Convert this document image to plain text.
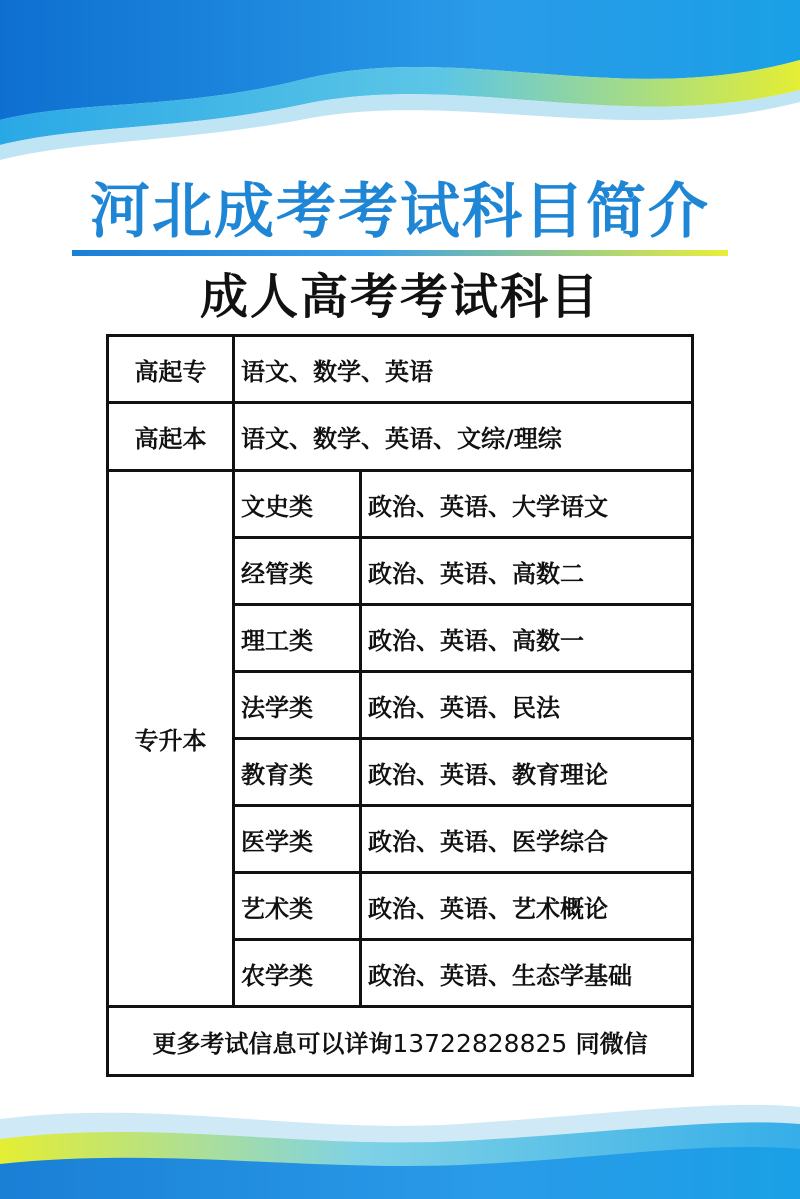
河北成考考试科目简介
成人高考考试科目
高起专	语文、数学、英语	
高起本	语文、数学、英语、文综/理综	
专升本	文史类	政治、英语、大学语文
	经管类	政治、英语、高数二
	理工类	政治、英语、高数一
	法学类	政治、英语、民法
	教育类	政治、英语、教育理论
	医学类	政治、英语、医学综合
	艺术类	政治、英语、艺术概论
	农学类	政治、英语、生态学基础
更多考试信息可以详询13722828825 同微信		
